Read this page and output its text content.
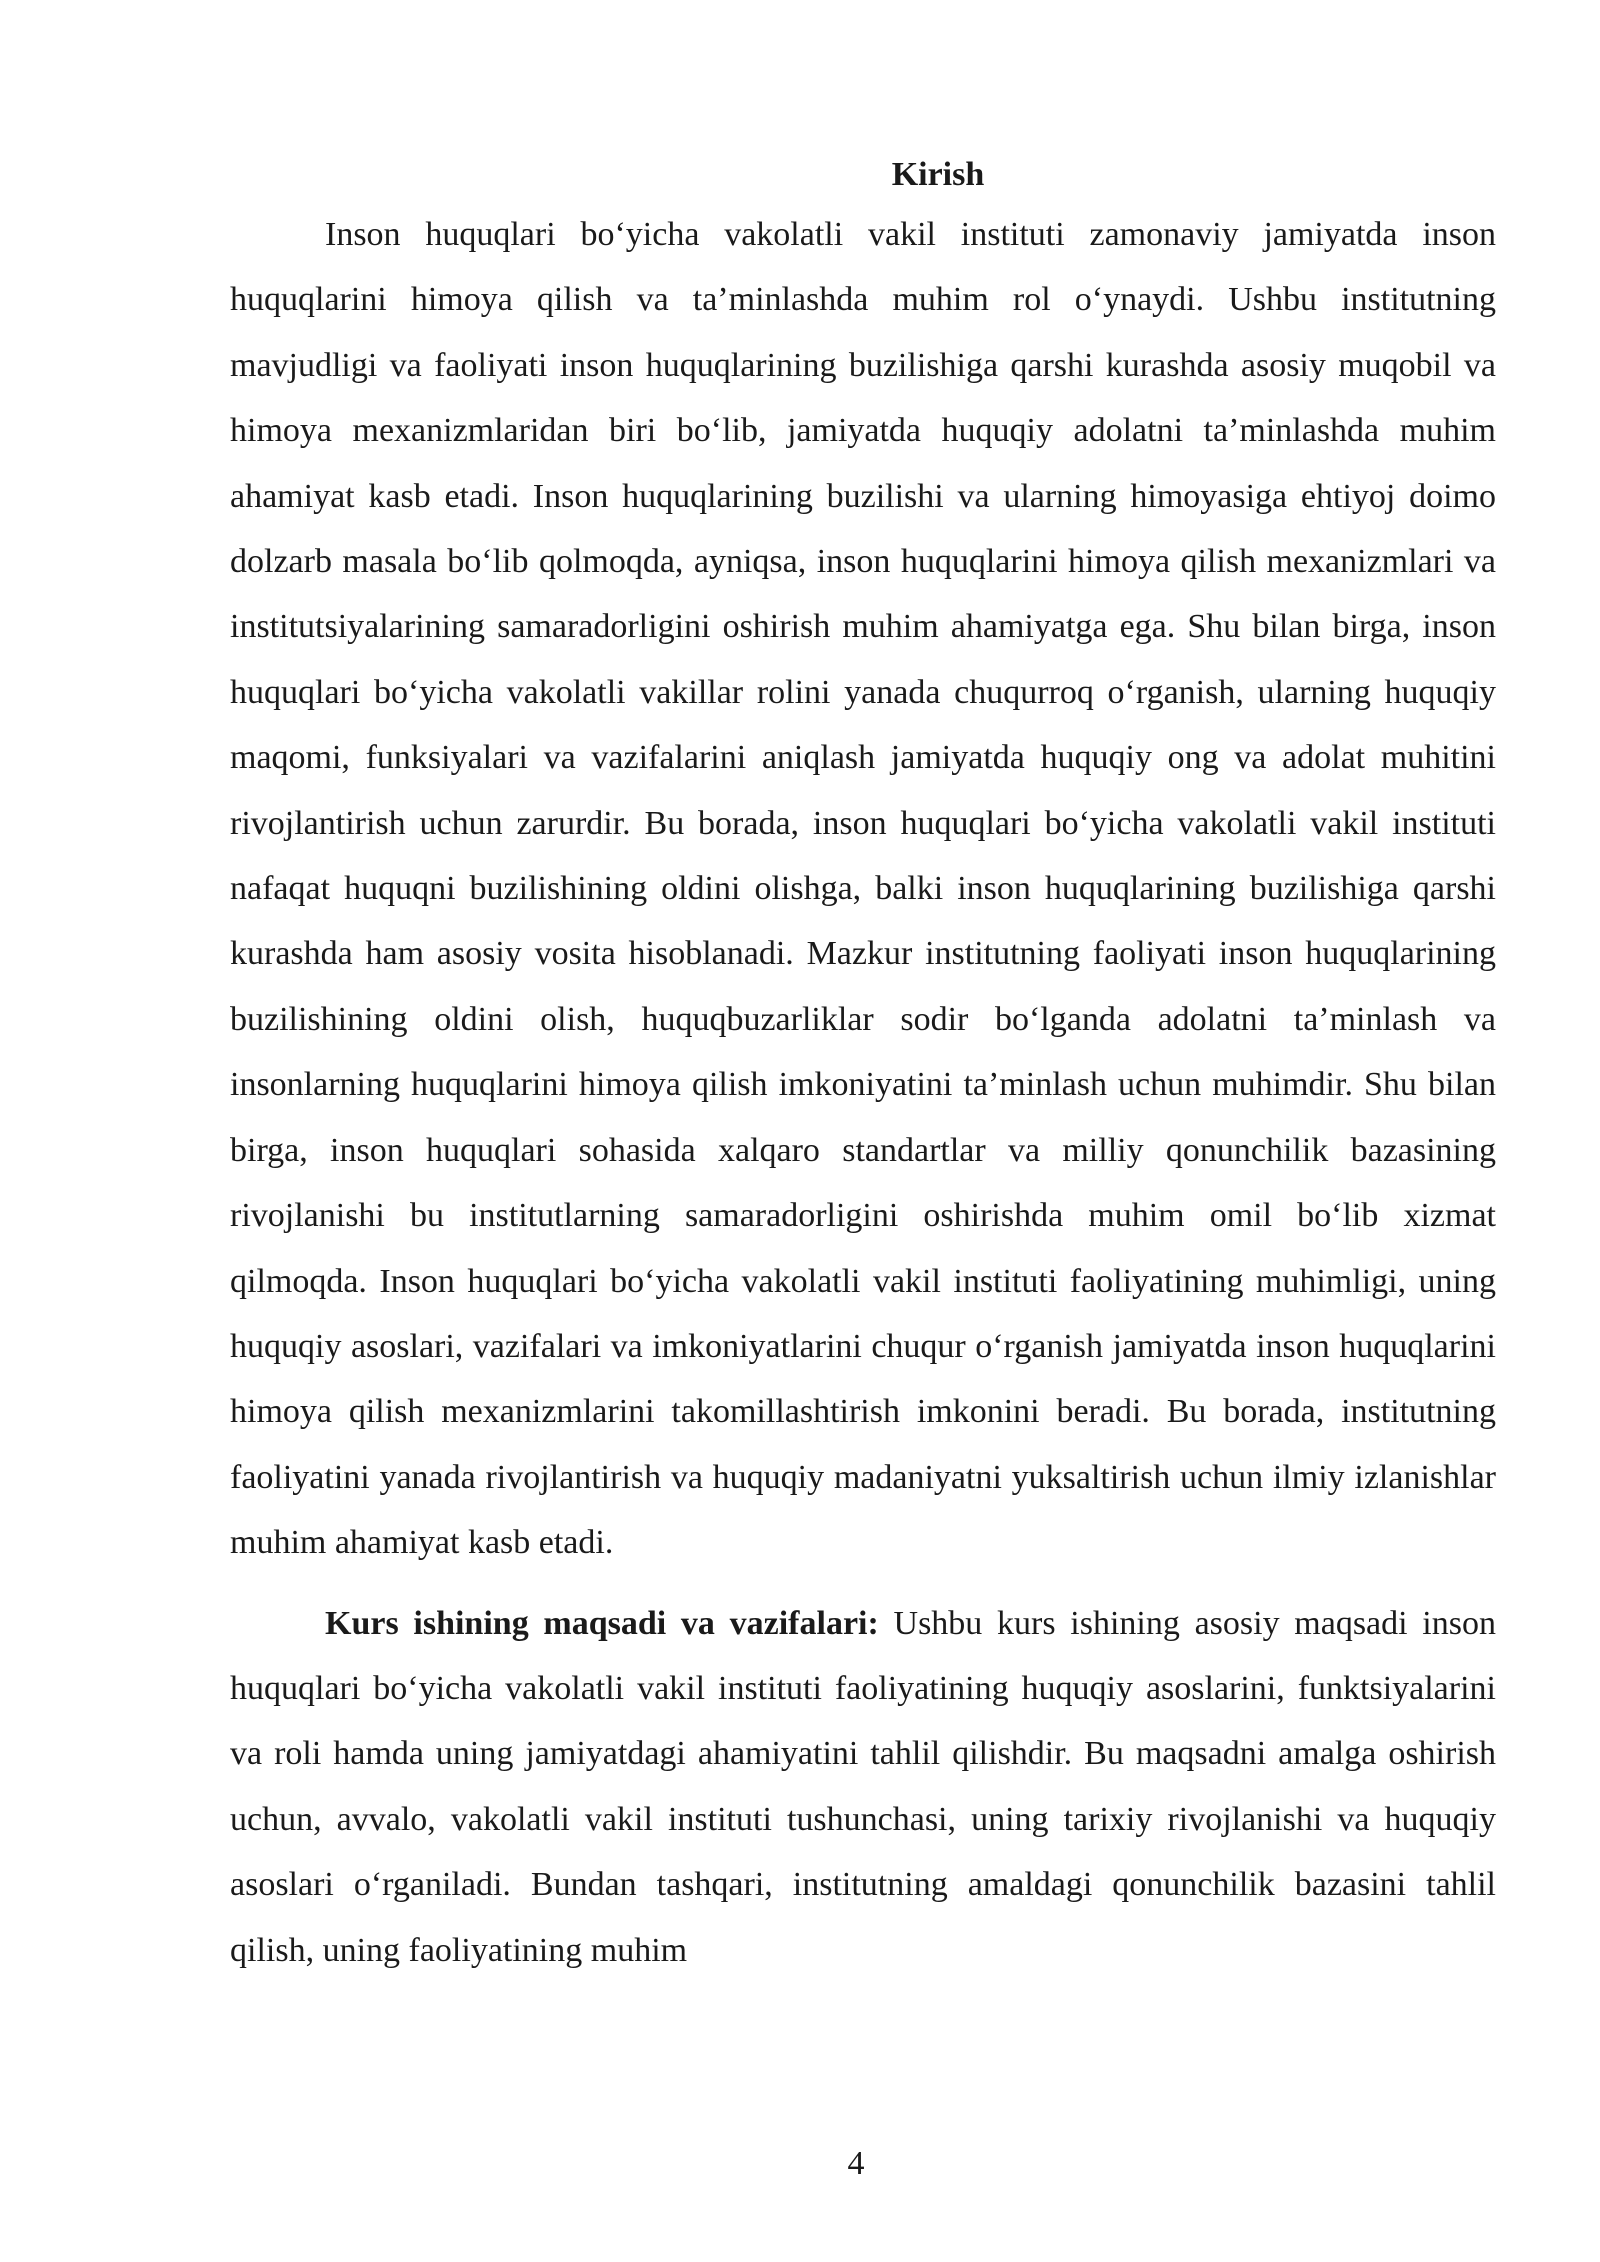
Kirish

Inson huquqlari bo‘yicha vakolatli vakil instituti zamonaviy jamiyatda inson huquqlarini himoya qilish va ta’minlashda muhim rol o‘ynaydi. Ushbu institutning mavjudligi va faoliyati inson huquqlarining buzilishiga qarshi kurashda asosiy muqobil va himoya mexanizmlaridan biri bo‘lib, jamiyatda huquqiy adolatni ta’minlashda muhim ahamiyat kasb etadi. Inson huquqlarining buzilishi va ularning himoyasiga ehtiyoj doimo dolzarb masala bo‘lib qolmoqda, ayniqsa, inson huquqlarini himoya qilish mexanizmlari va institutsiyalarining samaradorligini oshirish muhim ahamiyatga ega. Shu bilan birga, inson huquqlari bo‘yicha vakolatli vakillar rolini yanada chuqurroq o‘rganish, ularning huquqiy maqomi, funksiyalari va vazifalarini aniqlash jamiyatda huquqiy ong va adolat muhitini rivojlantirish uchun zarurdir. Bu borada, inson huquqlari bo‘yicha vakolatli vakil instituti nafaqat huquqni buzilishining oldini olishga, balki inson huquqlarining buzilishiga qarshi kurashda ham asosiy vosita hisoblanadi. Mazkur institutning faoliyati inson huquqlarining buzilishining oldini olish, huquqbuzarliklar sodir bo‘lganda adolatni ta’minlash va insonlarning huquqlarini himoya qilish imkoniyatini ta’minlash uchun muhimdir. Shu bilan birga, inson huquqlari sohasida xalqaro standartlar va milliy qonunchilik bazasining rivojlanishi bu institutlarning samaradorligini oshirishda muhim omil bo‘lib xizmat qilmoqda. Inson huquqlari bo‘yicha vakolatli vakil instituti faoliyatining muhimligi, uning huquqiy asoslari, vazifalari va imkoniyatlarini chuqur o‘rganish jamiyatda inson huquqlarini himoya qilish mexanizmlarini takomillashtirish imkonini beradi. Bu borada, institutning faoliyatini yanada rivojlantirish va huquqiy madaniyatni yuksaltirish uchun ilmiy izlanishlar muhim ahamiyat kasb etadi.

Kurs ishining maqsadi va vazifalari: Ushbu kurs ishining asosiy maqsadi inson huquqlari bo‘yicha vakolatli vakil instituti faoliyatining huquqiy asoslarini, funktsiyalarini va roli hamda uning jamiyatdagi ahamiyatini tahlil qilishdir. Bu maqsadni amalga oshirish uchun, avvalo, vakolatli vakil instituti tushunchasi, uning tarixiy rivojlanishi va huquqiy asoslari o‘rganiladi. Bundan tashqari, institutning amaldagi qonunchilik bazasini tahlil qilish, uning faoliyatining muhim

4
